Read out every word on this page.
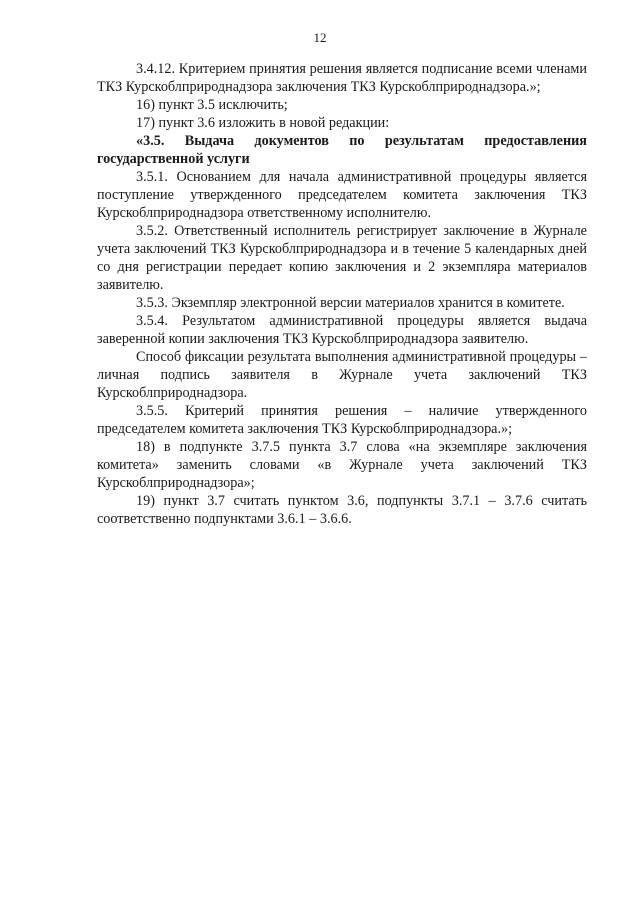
12

3.4.12. Критерием принятия решения является подписание всеми членами ТКЗ Курскоблприроднадзора заключения ТКЗ Курскоблприроднадзора.»;

16) пункт 3.5 исключить;

17) пункт 3.6 изложить в новой редакции:

«3.5. Выдача документов по результатам предоставления государственной услуги

3.5.1. Основанием для начала административной процедуры является поступление утвержденного председателем комитета заключения ТКЗ Курскоблприроднадзора ответственному исполнителю.

3.5.2. Ответственный исполнитель регистрирует заключение в Журнале учета заключений ТКЗ Курскоблприроднадзора и в течение 5 календарных дней со дня регистрации передает копию заключения и 2 экземпляра материалов заявителю.

3.5.3. Экземпляр электронной версии материалов хранится в комитете.

3.5.4. Результатом административной процедуры является выдача заверенной копии заключения ТКЗ Курскоблприроднадзора заявителю.

Способ фиксации результата выполнения административной процедуры – личная подпись заявителя в Журнале учета заключений ТКЗ Курскоблприроднадзора.

3.5.5. Критерий принятия решения – наличие утвержденного председателем комитета заключения ТКЗ Курскоблприроднадзора.»;

18) в подпункте 3.7.5 пункта 3.7 слова «на экземпляре заключения комитета» заменить словами «в Журнале учета заключений ТКЗ Курскоблприроднадзора»;

19) пункт 3.7 считать пунктом 3.6, подпункты 3.7.1 – 3.7.6 считать соответственно подпунктами 3.6.1 – 3.6.6.
